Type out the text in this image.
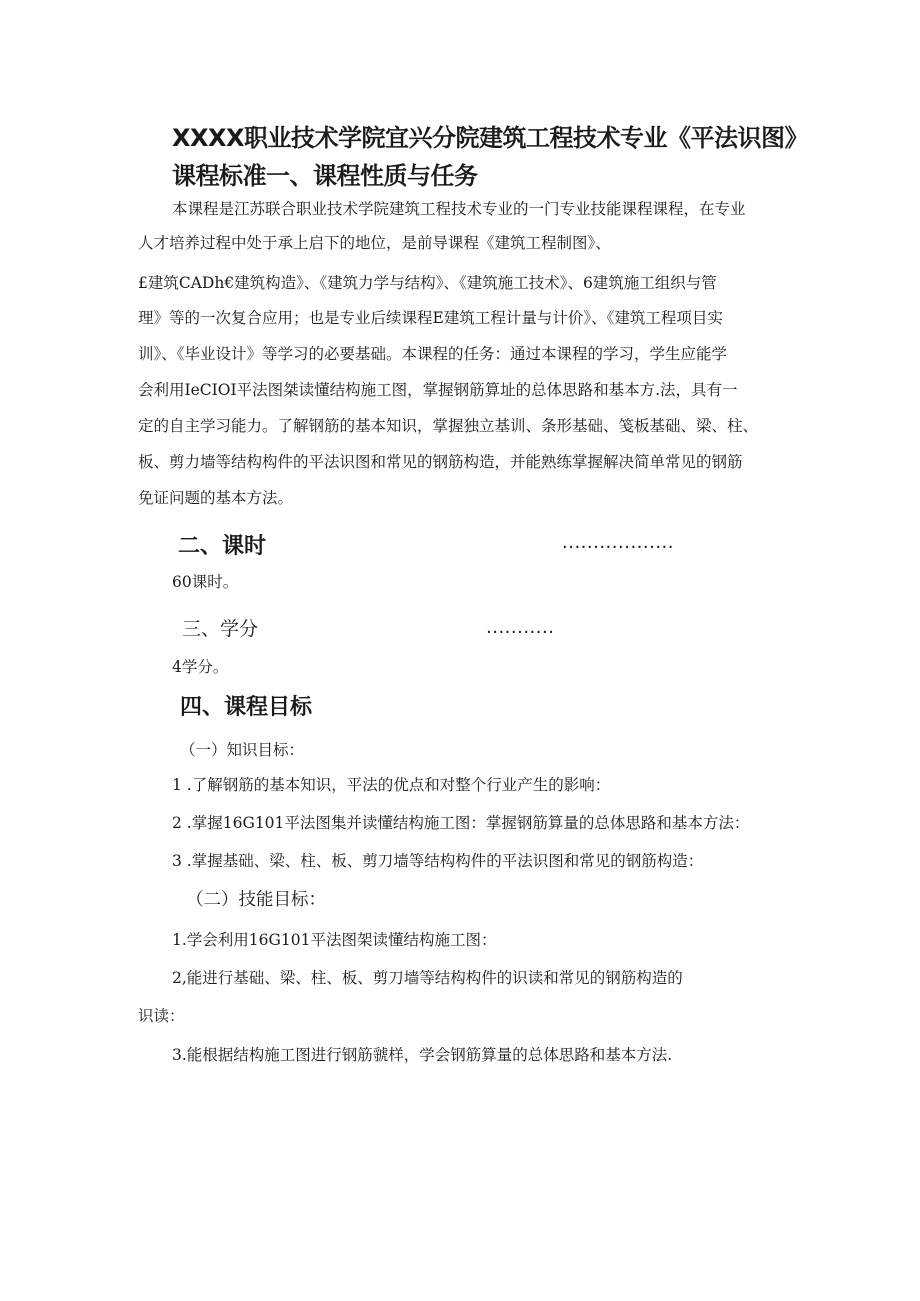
XXXX职业技术学院宜兴分院建筑工程技术专业《平法识图》
课程标准一、课程性质与任务
本课程是江苏联合职业技术学院建筑工程技术专业的一门专业技能课程课程，在专业
人才培养过程中处于承上启下的地位，是前导课程《建筑工程制图》、
£建筑CADh€建筑构造》、《建筑力学与结构》、《建筑施工技术》、6建筑施工组织与管
理》等的一次复合应用；也是专业后续课程E建筑工程计量与计价》、《建筑工程项目实
训》、《毕业设计》等学习的必要基础。本课程的任务：通过本课程的学习，学生应能学
会利用IeCIOI平法图桀读懂结构施工图，掌握钢筋算址的总体思路和基本方.法，具有一
定的自主学习能力。了解钢筋的基本知识，掌握独立基训、条形基础、笺板基础、梁、柱、
板、剪力墙等结构构件的平法识图和常见的钢筋构造，并能熟练掌握解决简单常见的钢筋
免证问题的基本方法。
二、课时	..................
60课时。
三、学分	...........
4学分。
四、课程目标
（一）知识目标：
1 .了解钢筋的基本知识，平法的优点和对整个行业产生的影响：
2 .掌握16G101平法图集并读懂结构施工图：掌握钢筋算量的总体思路和基本方法：
3 .掌握基础、梁、柱、板、剪刀墙等结构构件的平法识图和常见的钢筋构造：
（二）技能目标：
1.学会利用16G101平法图架读懂结构施工图：
2,能进行基础、梁、柱、板、剪刀墙等结构构件的识读和常见的钢筋构造的
识读：
3.能根据结构施工图进行钢筋虢样，学会钢筋算量的总体思路和基本方法.
